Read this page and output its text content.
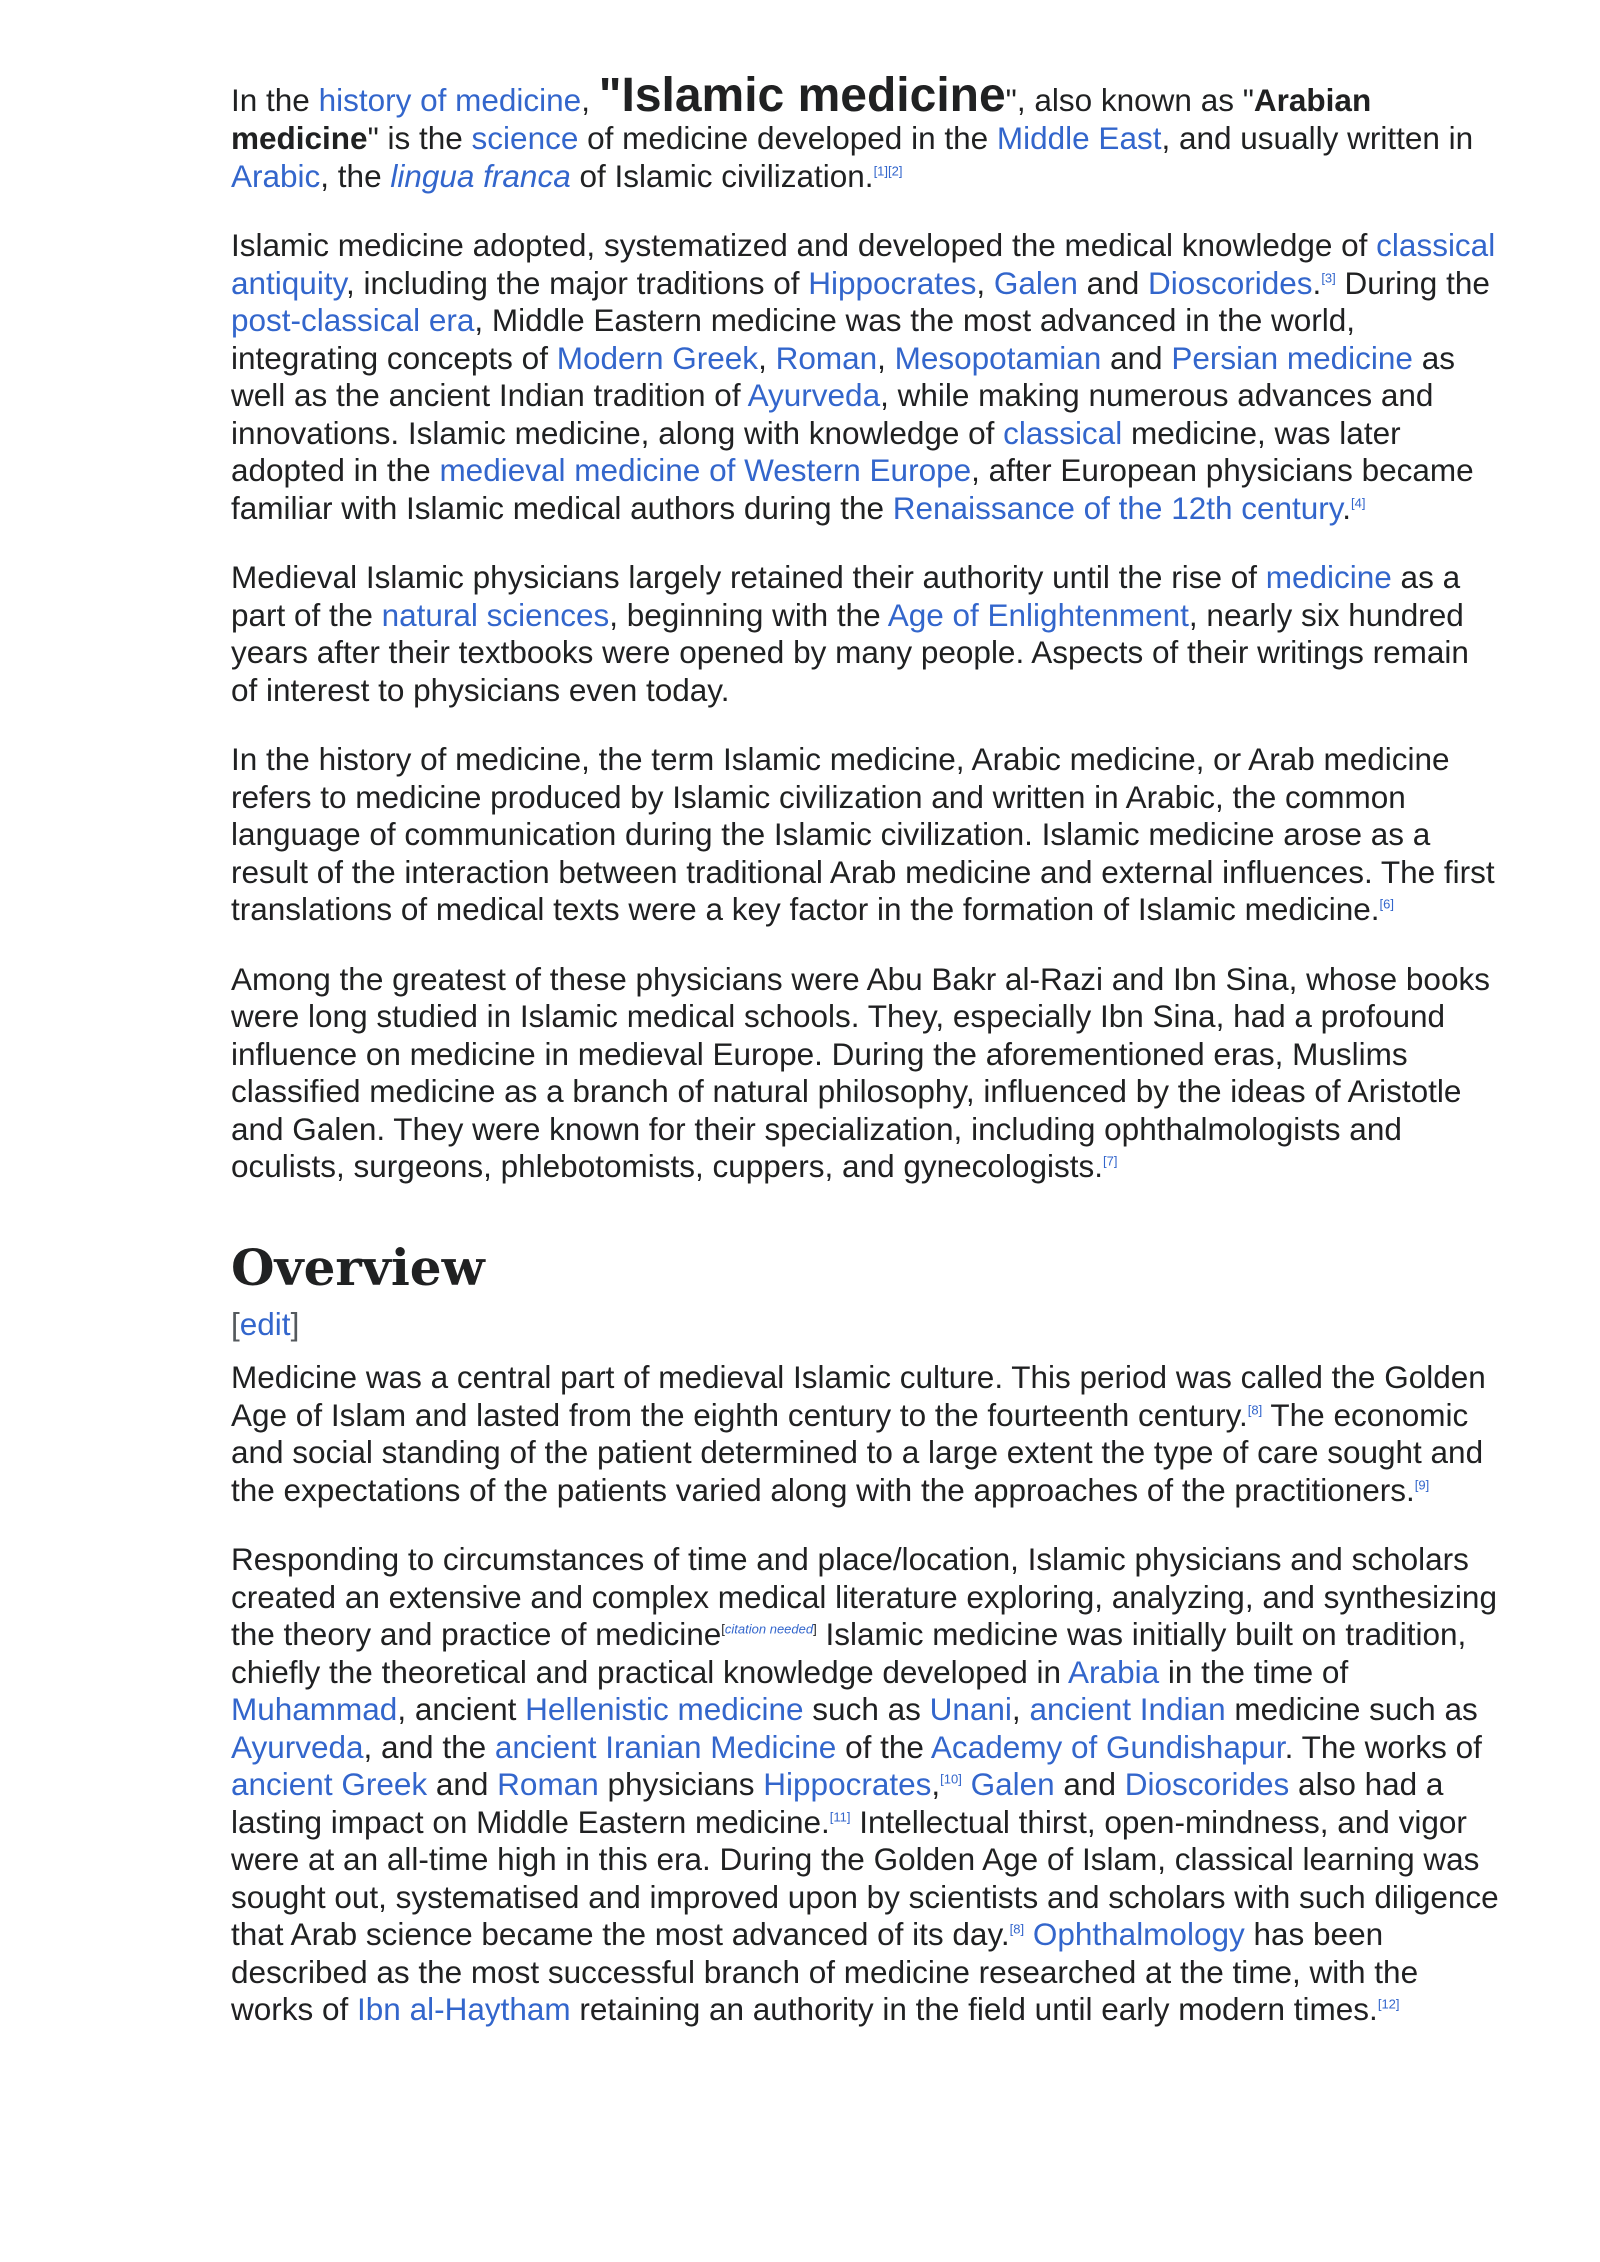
In the history of medicine, "Islamic medicine", also known as "Arabian medicine" is the science of medicine developed in the Middle East, and usually written in Arabic, the lingua franca of Islamic civilization.[1][2]

Islamic medicine adopted, systematized and developed the medical knowledge of classical antiquity, including the major traditions of Hippocrates, Galen and Dioscorides.[3] During the post-classical era, Middle Eastern medicine was the most advanced in the world, integrating concepts of Modern Greek, Roman, Mesopotamian and Persian medicine as well as the ancient Indian tradition of Ayurveda, while making numerous advances and innovations. Islamic medicine, along with knowledge of classical medicine, was later adopted in the medieval medicine of Western Europe, after European physicians became familiar with Islamic medical authors during the Renaissance of the 12th century.[4]

Medieval Islamic physicians largely retained their authority until the rise of medicine as a part of the natural sciences, beginning with the Age of Enlightenment, nearly six hundred years after their textbooks were opened by many people. Aspects of their writings remain of interest to physicians even today.

In the history of medicine, the term Islamic medicine, Arabic medicine, or Arab medicine refers to medicine produced by Islamic civilization and written in Arabic, the common language of communication during the Islamic civilization. Islamic medicine arose as a result of the interaction between traditional Arab medicine and external influences. The first translations of medical texts were a key factor in the formation of Islamic medicine.[6]

Among the greatest of these physicians were Abu Bakr al-Razi and Ibn Sina, whose books were long studied in Islamic medical schools. They, especially Ibn Sina, had a profound influence on medicine in medieval Europe. During the aforementioned eras, Muslims classified medicine as a branch of natural philosophy, influenced by the ideas of Aristotle and Galen. They were known for their specialization, including ophthalmologists and oculists, surgeons, phlebotomists, cuppers, and gynecologists.[7]

Overview
[edit]

Medicine was a central part of medieval Islamic culture. This period was called the Golden Age of Islam and lasted from the eighth century to the fourteenth century.[8] The economic and social standing of the patient determined to a large extent the type of care sought and the expectations of the patients varied along with the approaches of the practitioners.[9]

Responding to circumstances of time and place/location, Islamic physicians and scholars created an extensive and complex medical literature exploring, analyzing, and synthesizing the theory and practice of medicine[citation needed] Islamic medicine was initially built on tradition, chiefly the theoretical and practical knowledge developed in Arabia in the time of Muhammad, ancient Hellenistic medicine such as Unani, ancient Indian medicine such as Ayurveda, and the ancient Iranian Medicine of the Academy of Gundishapur. The works of ancient Greek and Roman physicians Hippocrates,[10] Galen and Dioscorides also had a lasting impact on Middle Eastern medicine.[11] Intellectual thirst, open-mindness, and vigor were at an all-time high in this era. During the Golden Age of Islam, classical learning was sought out, systematised and improved upon by scientists and scholars with such diligence that Arab science became the most advanced of its day.[8] Ophthalmology has been described as the most successful branch of medicine researched at the time, with the works of Ibn al-Haytham retaining an authority in the field until early modern times.[12]
